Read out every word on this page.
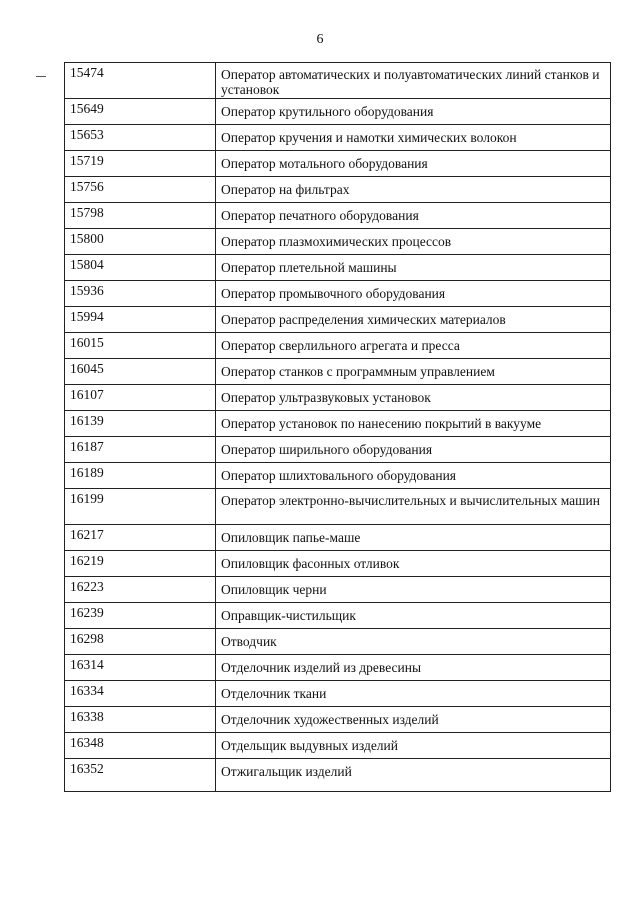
6
15474	Оператор автоматических и полуавтоматических линий станков и установок
15649	Оператор крутильного оборудования
15653	Оператор кручения и намотки химических волокон
15719	Оператор мотального оборудования
15756	Оператор на фильтрах
15798	Оператор печатного оборудования
15800	Оператор плазмохимических процессов
15804	Оператор плетельной машины
15936	Оператор промывочного оборудования
15994	Оператор распределения химических материалов
16015	Оператор сверлильного агрегата и пресса
16045	Оператор станков с программным управлением
16107	Оператор ультразвуковых установок
16139	Оператор установок по нанесению покрытий в вакууме
16187	Оператор ширильного оборудования
16189	Оператор шлихтовального оборудования
16199	Оператор электронно-вычислительных и вычислительных машин
16217	Опиловщик папье-маше
16219	Опиловщик фасонных отливок
16223	Опиловщик черни
16239	Оправщик-чистильщик
16298	Отводчик
16314	Отделочник изделий из древесины
16334	Отделочник ткани
16338	Отделочник художественных изделий
16348	Отдельщик выдувных изделий
16352	Отжигальщик изделий
